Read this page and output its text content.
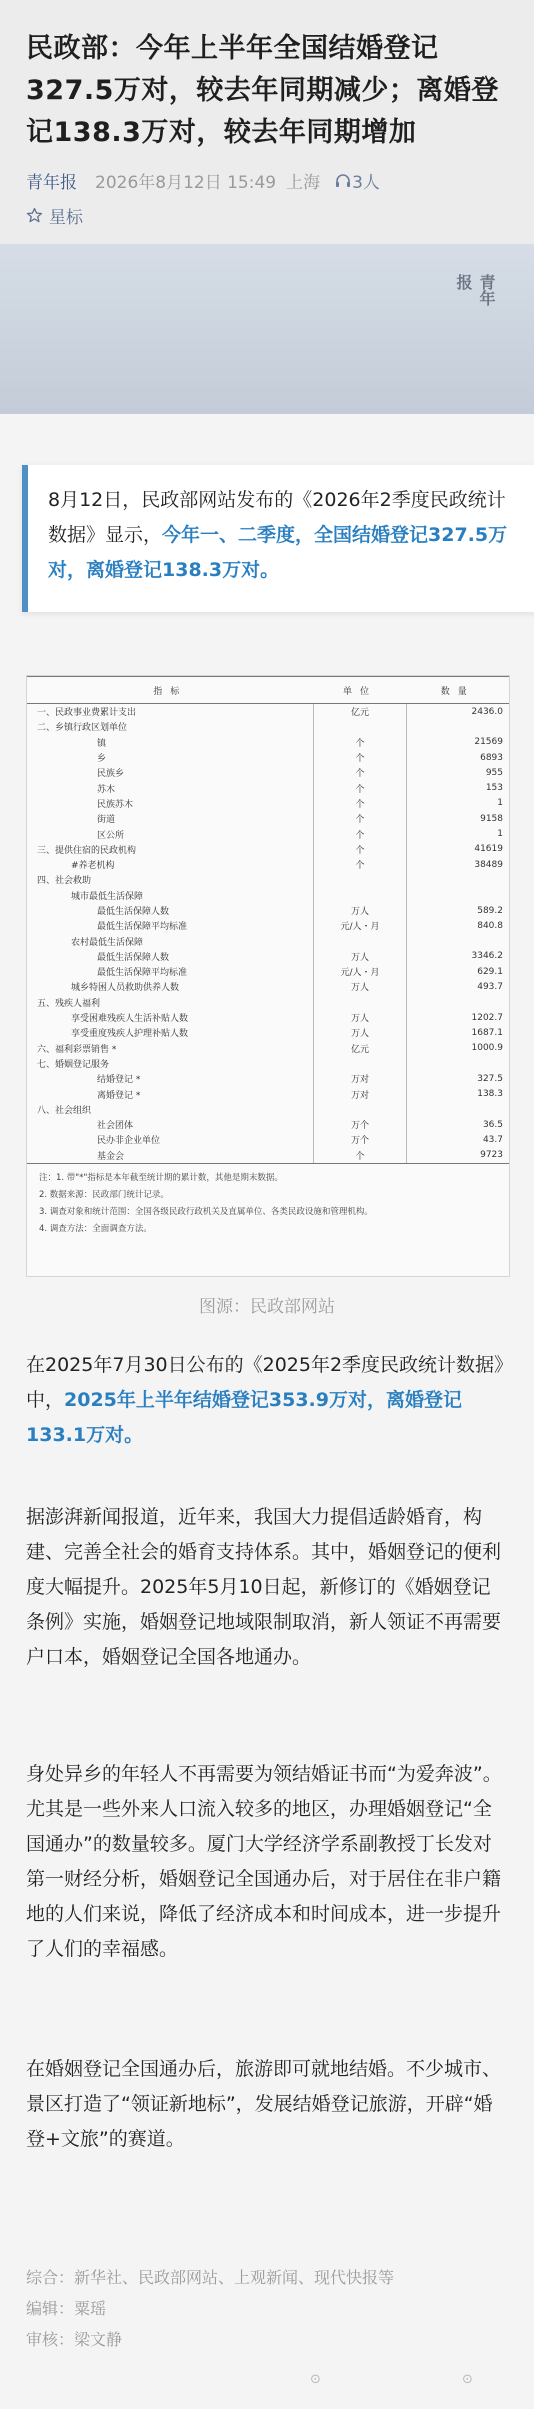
民政部：今年上半年全国结婚登记327.5万对，较去年同期减少；离婚登记138.3万对，较去年同期增加
青年报 2026年8月12日 15:49 上海 3人
星标
青年报
8月12日，民政部网站发布的《2026年2季度民政统计数据》显示，今年一、二季度，全国结婚登记327.5万对，离婚登记138.3万对。
指标	单位	数量
一、民政事业费累计支出	亿元	2436.0
二、乡镇行政区划单位		
镇	个	21569
乡	个	6893
民族乡	个	955
苏木	个	153
民族苏木	个	1
街道	个	9158
区公所	个	1
三、提供住宿的民政机构	个	41619
#养老机构	个	38489
四、社会救助		
城市最低生活保障		
最低生活保障人数	万人	589.2
最低生活保障平均标准	元/人・月	840.8
农村最低生活保障		
最低生活保障人数	万人	3346.2
最低生活保障平均标准	元/人・月	629.1
城乡特困人员救助供养人数	万人	493.7
五、残疾人福利		
享受困难残疾人生活补贴人数	万人	1202.7
享受重度残疾人护理补贴人数	万人	1687.1
六、福利彩票销售 *	亿元	1000.9
七、婚姻登记服务		
结婚登记 *	万对	327.5
离婚登记 *	万对	138.3
八、社会组织		
社会团体	万个	36.5
民办非企业单位	万个	43.7
基金会	个	9723
注：1. 带"*"指标是本年截至统计期的累计数，其他是期末数据。
2. 数据来源：民政部门统计记录。
3. 调查对象和统计范围：全国各级民政行政机关及直属单位、各类民政设施和管理机构。
4. 调查方法：全面调查方法。
图源：民政部网站

在2025年7月30日公布的《2025年2季度民政统计数据》中，2025年上半年结婚登记353.9万对，离婚登记133.1万对。

据澎湃新闻报道，近年来，我国大力提倡适龄婚育，构建、完善全社会的婚育支持体系。其中，婚姻登记的便利度大幅提升。2025年5月10日起，新修订的《婚姻登记条例》实施，婚姻登记地域限制取消，新人领证不再需要户口本，婚姻登记全国各地通办。

身处异乡的年轻人不再需要为领结婚证书而“为爱奔波”。尤其是一些外来人口流入较多的地区，办理婚姻登记“全国通办”的数量较多。厦门大学经济学系副教授丁长发对第一财经分析，婚姻登记全国通办后，对于居住在非户籍地的人们来说，降低了经济成本和时间成本，进一步提升了人们的幸福感。

在婚姻登记全国通办后，旅游即可就地结婚。不少城市、景区打造了“领证新地标”，发展结婚登记旅游，开辟“婚登+文旅”的赛道。

综合：新华社、民政部网站、上观新闻、现代快报等
编辑：粟瑶
审核：梁文静
⊙	⊙
